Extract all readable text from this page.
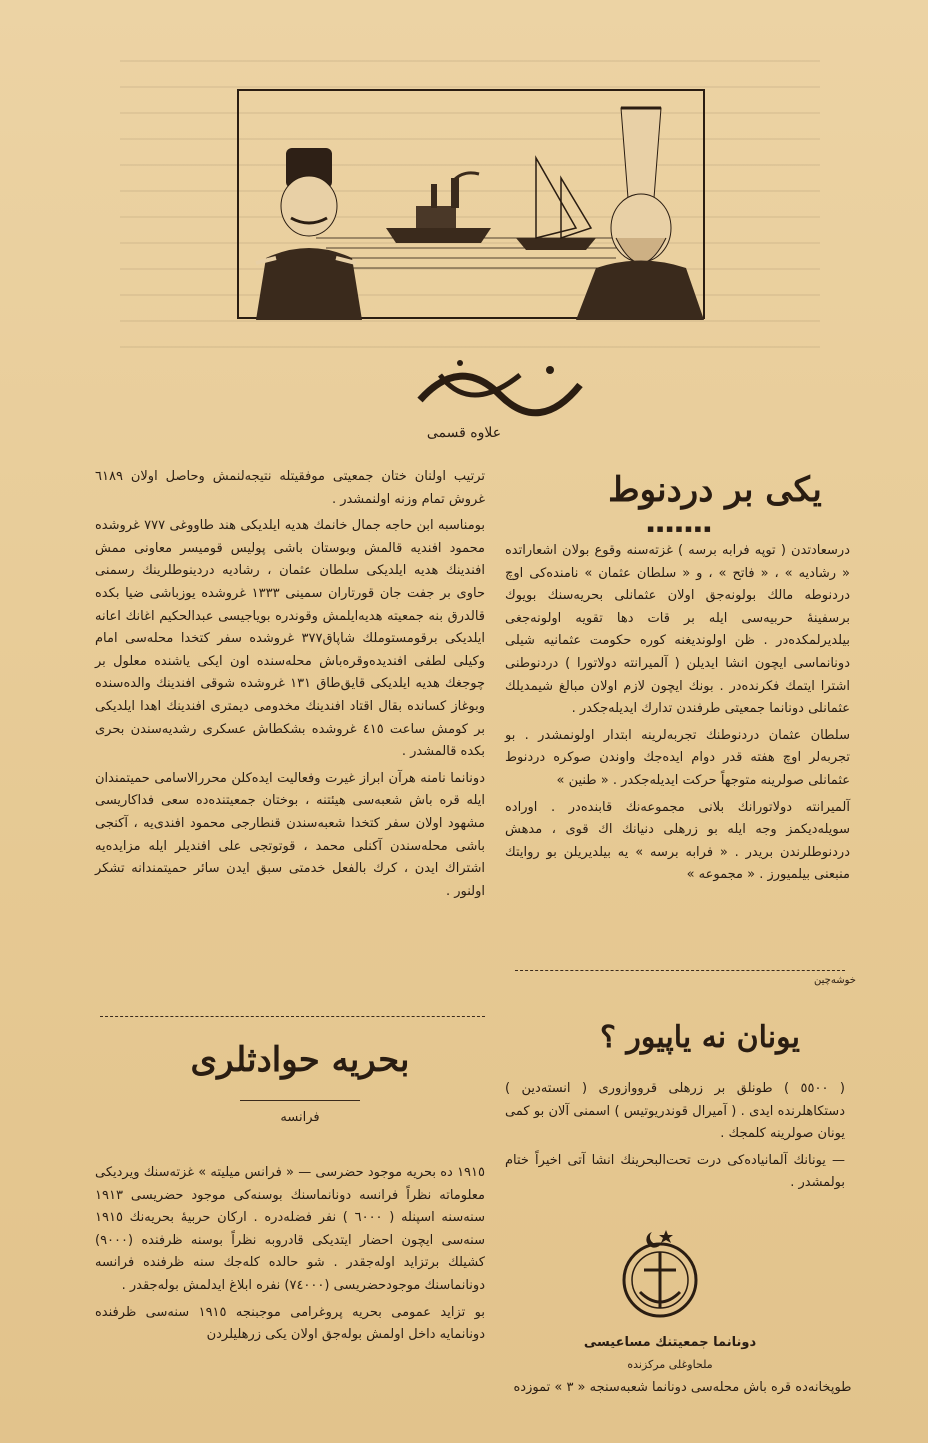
علاوه قسمی
یکی بر دردنوط
▪▪▪▪▪▪▪

درسعادتدن ( توپه فرابه برسه ) غزته‌سنه وقوع بولان اشعاراتده « رشادیه » ، « فاتح » ، و « سلطان عثمان » نامنده‌کی اوچ دردنوطه مالك بولونه‌جق اولان عثمانلی بحریه‌سنك بویوك برسفینهٔ حربیه‌سی ایله بر قات دها تقویه اولونه‌جغی بیلدیرلمکده‌در . ظن اولوندیغنه کوره حکومت عثمانیه شیلی دونانماسی ایچون انشا ایدیلن ( آلمیرانته دولاتورا ) دردنوطنی اشترا ایتمك فکرنده‌در . بونك ایچون لازم اولان مبالغ شیمدیلك عثمانلی دونانما جمعیتی طرفندن تدارك ایدیله‌جکدر .

سلطان عثمان دردنوطنك تجربه‌لرینه ابتدار اولونمشدر . بو تجربه‌لر اوچ هفته قدر دوام ایده‌جك واوندن صوکره دردنوط عثمانلی صولرینه متوجهاً حرکت ایدیله‌جکدر . « طنین »

آلمیرانته دولاتورانك بلانی مجموعه‌نك قابنده‌در . اوراده سویله‌دیکمز وجه ایله بو زرهلی دنیانك اك قوی ، مدهش دردنوطلرندن بریدر . « فرابه برسه » یه بیلدیریلن بو روایتك منبعنی بیلمیورز . « مجموعه »

خوشه‌چین
یونان نه یاپیور ؟

( ٥٥٠٠ ) طونلق بر زرهلی قرووازوری ( انسته‌دین ) دستکاهلرنده ایدی . ( آمیرال قوندریوتیس ) اسمنی آلان بو کمی یونان صولرینه کلمجك .

— یونانك آلمانیاده‌کی درت تحت‌البحرینك انشا آتی اخیراً ختام بولمشدر .

ترتیب اولنان ختان جمعیتی موفقیتله نتیجه‌لنمش وحاصل اولان ٦١٨٩ غروش تمام وزنه اولنمشدر .

بومناسبه ابن حاجه جمال خانمك هدیه ایلدیکی هند طاووغی ٧٧٧ غروشده محمود افندیه قالمش وبوستان باشی پولیس قومیسر معاونی ممش افندینك هدیه ایلدیکی سلطان عثمان ، رشادیه دردینوطلرینك رسمنی حاوی بر جفت جان قورتاران سمینی ١٣٣٣ غروشده یوزباشی ضیا بکده قالدرق بنه جمعیته هدیه‌ایلمش وقوندره بویاجیسی عبدالحکیم اغانك اعانه ایلدیکی برقومستوملك شاپاق٣٧٧ غروشده سفر کتخدا محله‌سی امام وکیلی لطفی افندیده‌وقره‌باش محله‌سنده اون ایکی یاشنده معلول بر چوجغك هدیه ایلدیکی قایق‌طاق ١٣١ غروشده شوقی افندینك والده‌سنده وبوغاز کسانده بقال اقتاد افندینك مخدومی دیمتری افندینك اهدا ایلدیکی بر کومش ساعت ٤١٥ غروشده بشکطاش عسکری رشدیه‌سندن بحری بکده قالمشدر .

دونانما نامنه هرآن ابراز غیرت وفعالیت ایده‌کلن محررالاسامی حمیتمندان ایله قره باش شعبه‌سی هیئتنه ، بوختان جمعیتنده‌ده سعی فداکاریسی مشهود اولان سفر کتخدا شعبه‌سندن قنطارجی محمود افندی‌یه ، آکنجی باشی محله‌سندن آکنلی محمد ، قوتوتجی علی افندیلر ایله مزایده‌یه اشتراك ایدن ، کرك بالفعل خدمتی سبق ایدن سائر حمیتمندانه تشکر اولنور .

بحریه حوادثلری
فرانسه

١٩١٥ ده بحریه موجود حضرسی — « فرانس میلیته » غزته‌سنك ویردیکی معلوماته نظراً فرانسه دونانماسنك بوسنه‌کی موجود حضریسی ١٩١٣ سنه‌سنه اسپنله ( ٦٠٠٠ ) نفر فضله‌دره . ارکان حربیهٔ بحریه‌نك ١٩١٥ سنه‌سی ایچون احضار ایتدیکی قادروبه نظراً بوسنه ظرفنده (٩٠٠٠) کشیلك برتزاید اوله‌جقدر . شو حالده کله‌جك سنه ظرفنده فرانسه دونانماسنك موجودحضریسی (٧٤٠٠٠) نفره ابلاغ ایدلمش بوله‌جقدر .

بو تزاید عمومی بحریه پروغرامی موجبنجه ١٩١٥ سنه‌سی ظرفنده دونانمایه داخل اولمش بوله‌جق اولان یکی زرهلیلردن

دونانما جمعیتنك مساعیسی
ملحاوغلی مرکزنده
طوپخانه‌ده قره باش محله‌سی دونانما شعبه‌سنجه « ٣ » تموزده
